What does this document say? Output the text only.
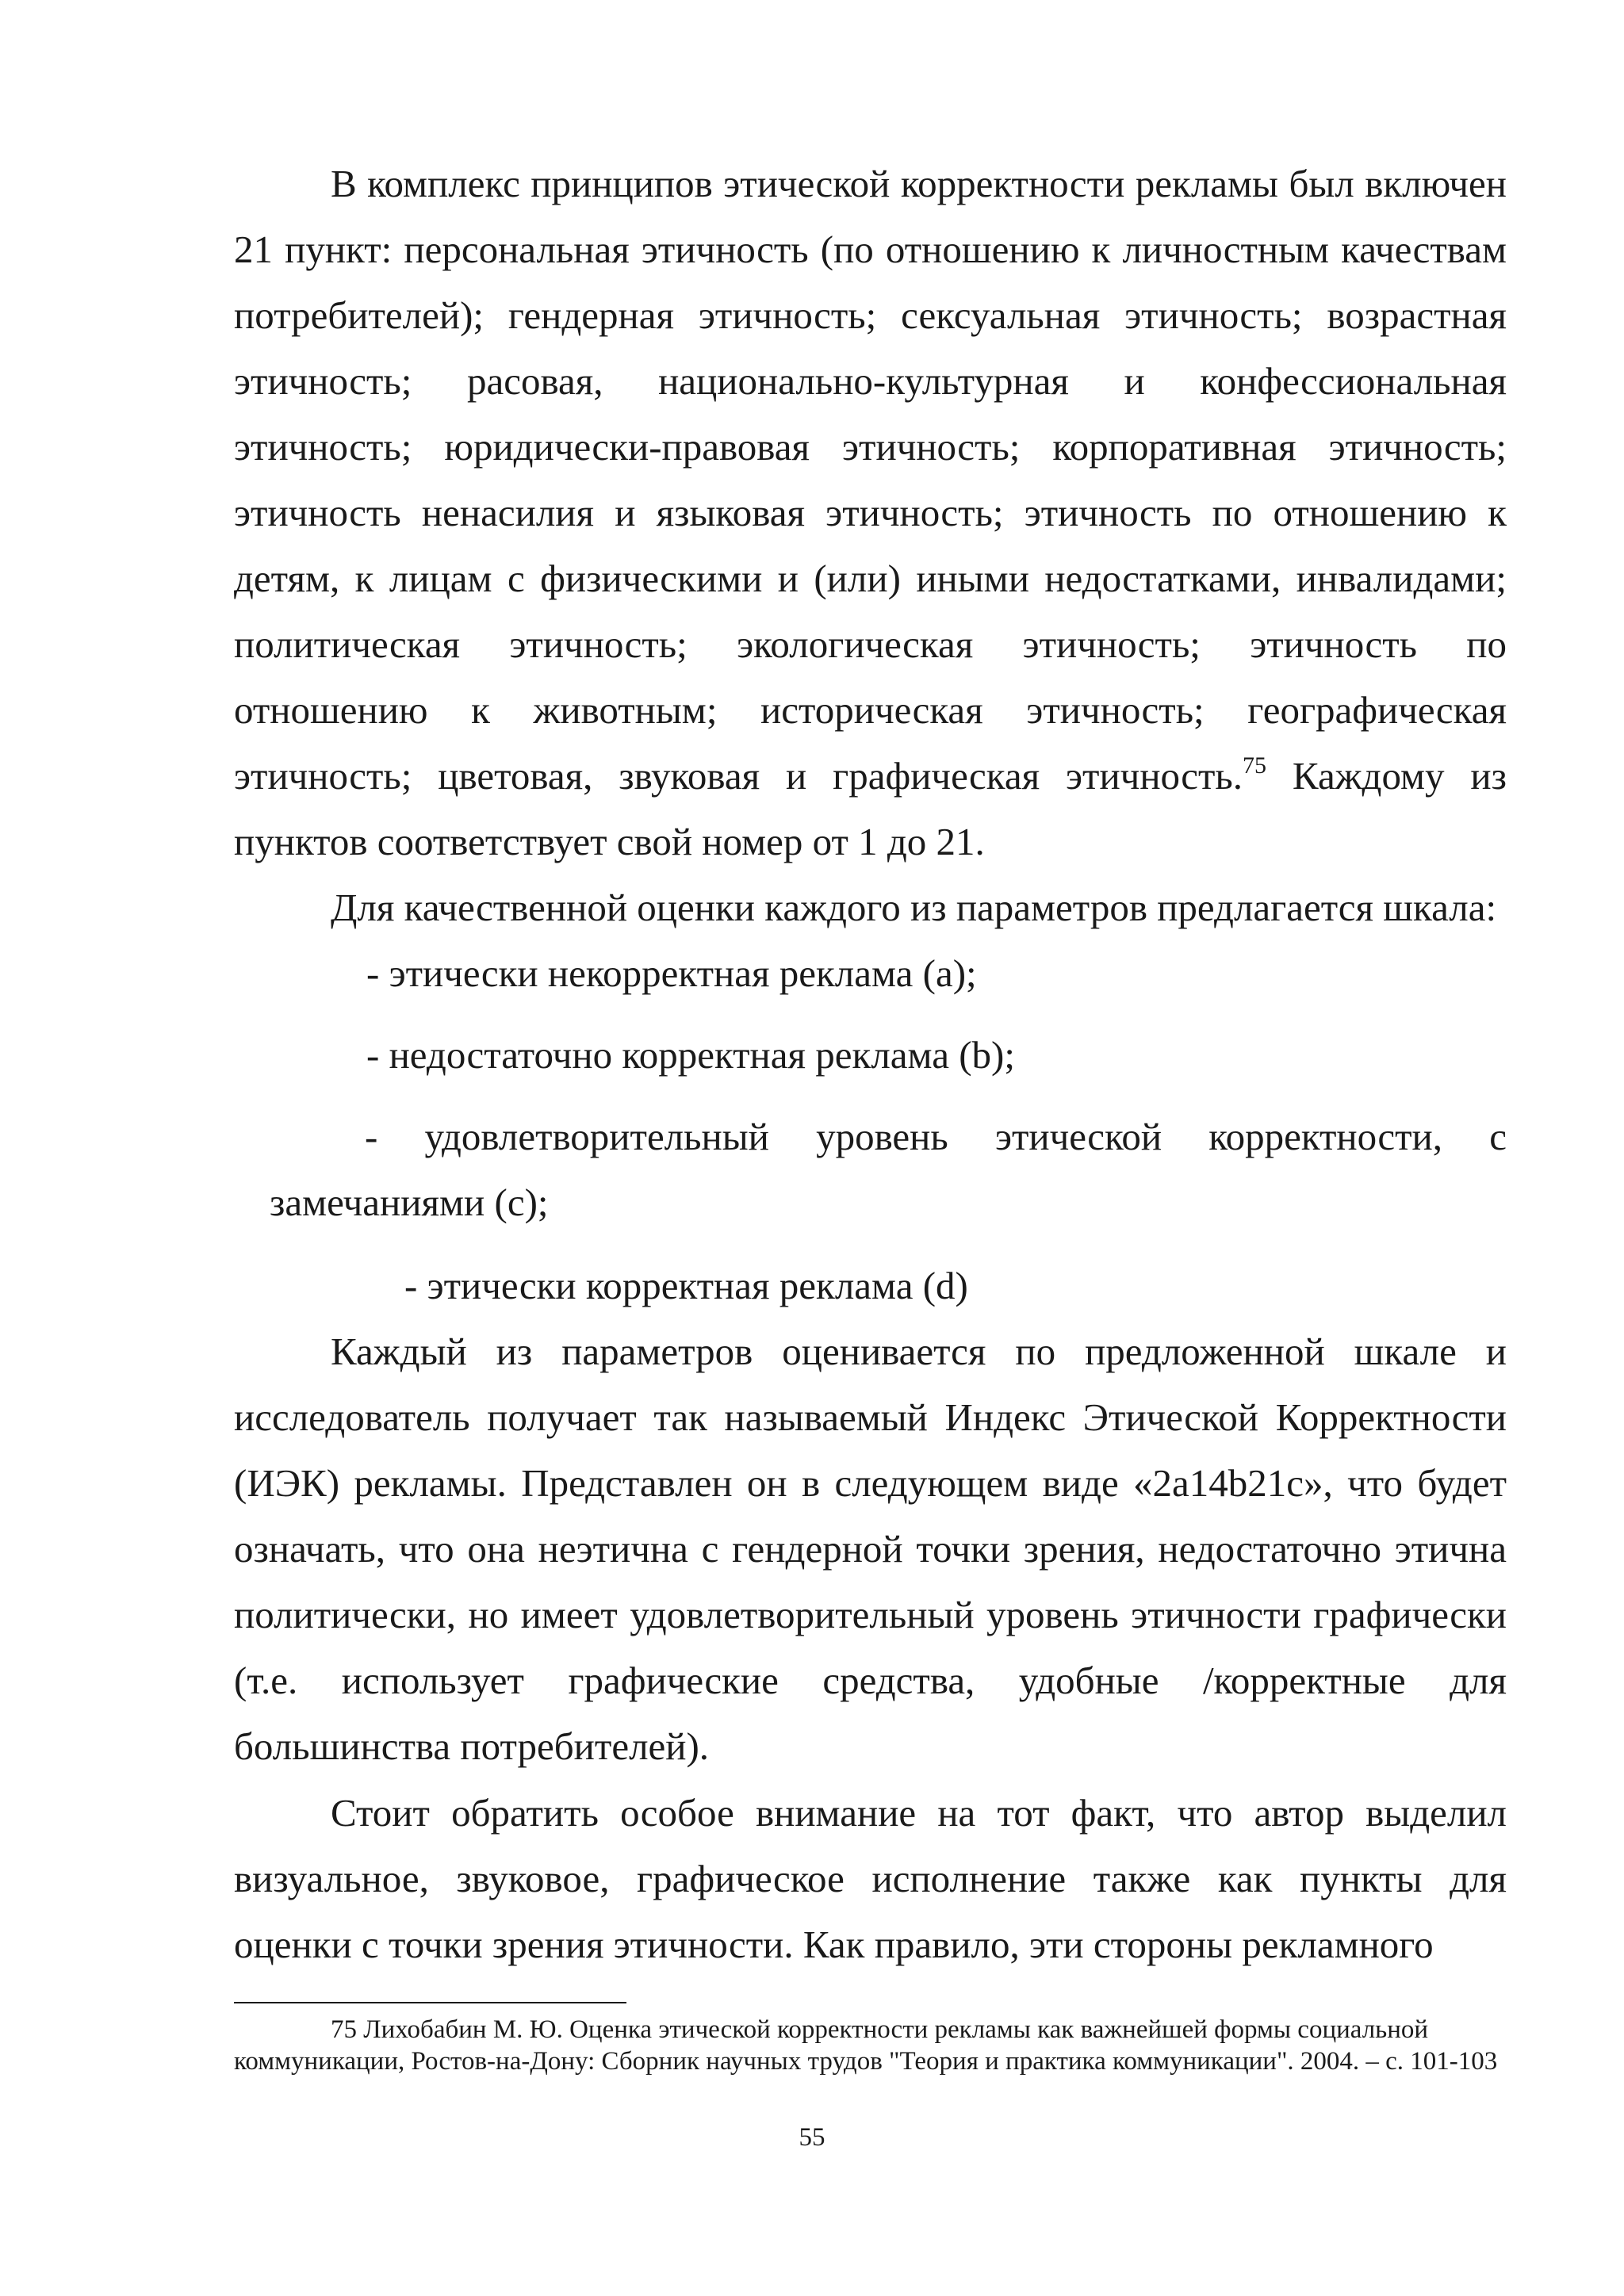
В комплекс принципов этической корректности рекламы был включен 21 пункт: персональная этичность (по отношению к личностным качествам потребителей); гендерная этичность; сексуальная этичность; возрастная этичность; расовая, национально-культурная и конфессиональная этичность; юридически-правовая этичность; корпоративная этичность; этичность ненасилия и языковая этичность; этичность по отношению к детям, к лицам с физическими и (или) иными недостатками, инвалидами; политическая этичность; экологическая этичность; этичность по отношению к животным; историческая этичность; географическая этичность; цветовая, звуковая и графическая этичность.$^{75}$ Каждому из пунктов соответствует свой номер от 1 до 21.

Для качественной оценки каждого из параметров предлагается шкала:

- этически некорректная реклама (a);

- недостаточно корректная реклама (b);

- удовлетворительный уровень этической корректности, с
замечаниями (c);

- этически корректная реклама (d)

Каждый из параметров оценивается по предложенной шкале и исследователь получает так называемый Индекс Этической Корректности (ИЭК) рекламы. Представлен он в следующем виде «2a14b21c», что будет означать, что она неэтична с гендерной точки зрения, недостаточно этична политически, но имеет удовлетворительный уровень этичности графически (т.е. использует графические средства, удобные /корректные для большинства потребителей).

Стоит обратить особое внимание на тот факт, что автор выделил визуальное, звуковое, графическое исполнение также как пункты для оценки с точки зрения этичности. Как правило, эти стороны рекламного

75 Лихобабин М. Ю. Оценка этической корректности рекламы как важнейшей формы социальной коммуникации, Ростов-на-Дону: Сборник научных трудов "Теория и практика коммуникации". 2004. – с. 101-103

55
